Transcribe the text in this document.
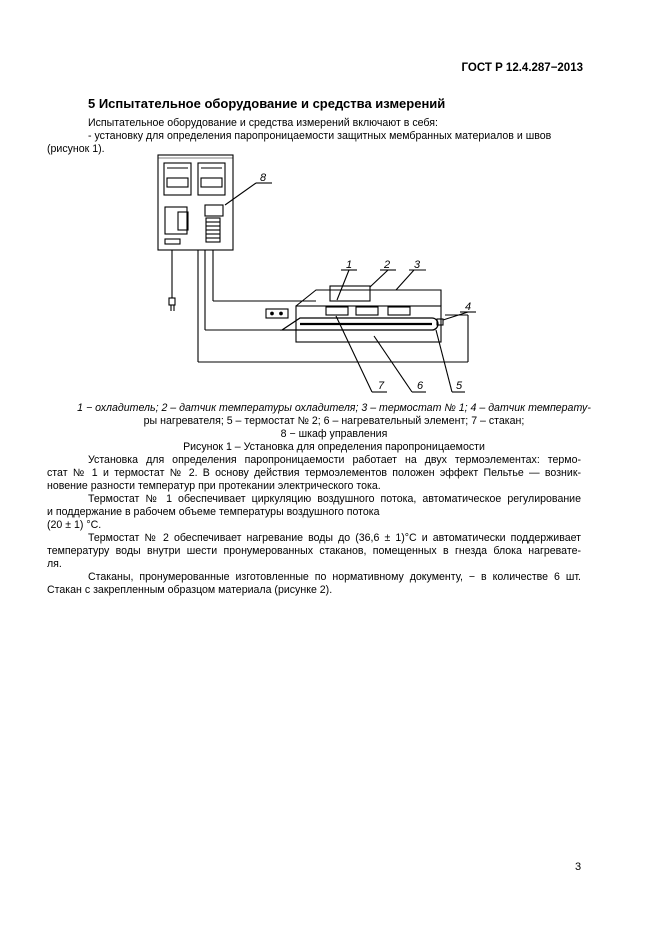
ГОСТ Р 12.4.287−2013
5 Испытательное оборудование и средства измерений
Испытательное оборудование и средства измерений включают в себя:
- установку для определения паропроницаемости защитных мембранных материалов и швов
(рисунок 1).
8
1	2 3
4
7	6	5
1 − охладитель; 2 – датчик температуры охладителя; 3 – термостат № 1; 4 – датчик температу-
ры нагревателя; 5 – термостат № 2; 6 – нагревательный элемент; 7 – стакан;
8 − шкаф управления
Рисунок 1 – Установка для определения паропроницаемости
Установка для определения паропроницаемости работает на двух термоэлементах: термо-
стат № 1 и термостат № 2. В основу действия термоэлементов положен эффект Пельтье — возник-
новение разности температур при протекании электрического тока.
Термостат № 1 обеспечивает циркуляцию воздушного потока, автоматическое регулирование
и поддержание в рабочем объеме температуры воздушного потока
(20 ± 1) °С.
Термостат № 2 обеспечивает нагревание воды до (36,6 ± 1)°С и автоматически поддерживает
температуру воды внутри шести пронумерованных стаканов, помещенных в гнезда блока нагревате-
ля.
Стаканы, пронумерованные изготовленные по нормативному документу, − в количестве 6 шт.
Стакан с закрепленным образцом материала (рисунке 2).
3
